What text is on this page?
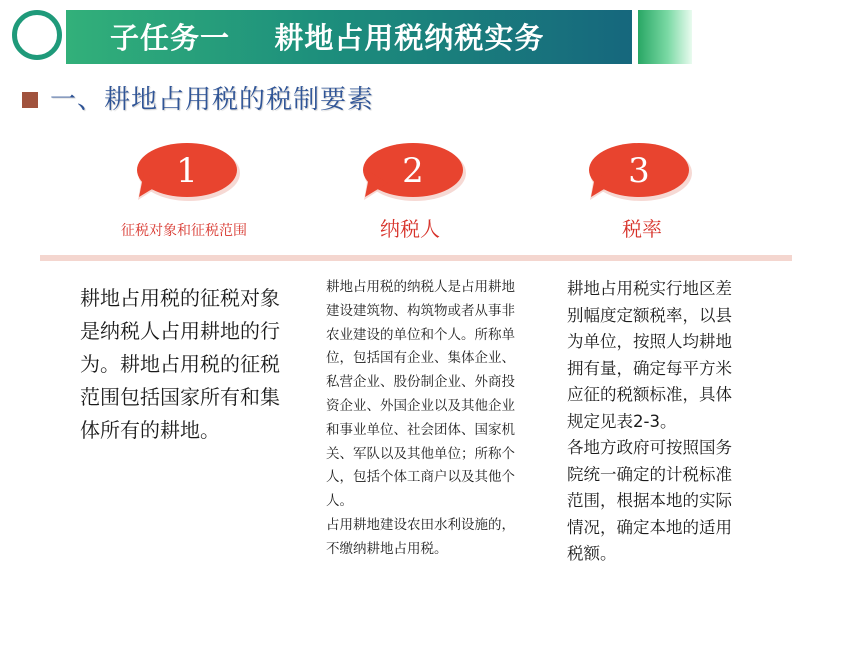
子任务一    耕地占用税纳税实务
一、耕地占用税的税制要素
1
征税对象和征税范围
2
纳税人
3
税率

耕地占用税的征税对象是纳税人占用耕地的行为。耕地占用税的征税范围包括国家所有和集体所有的耕地。

耕地占用税的纳税人是占用耕地建设建筑物、构筑物或者从事非农业建设的单位和个人。所称单位，包括国有企业、集体企业、私营企业、股份制企业、外商投资企业、外国企业以及其他企业和事业单位、社会团体、国家机关、军队以及其他单位；所称个人，包括个体工商户以及其他个人。

占用耕地建设农田水利设施的，不缴纳耕地占用税。

耕地占用税实行地区差别幅度定额税率，以县为单位，按照人均耕地拥有量，确定每平方米应征的税额标准，具体规定见表2-3。

各地方政府可按照国务院统一确定的计税标准范围，根据本地的实际情况，确定本地的适用税额。
